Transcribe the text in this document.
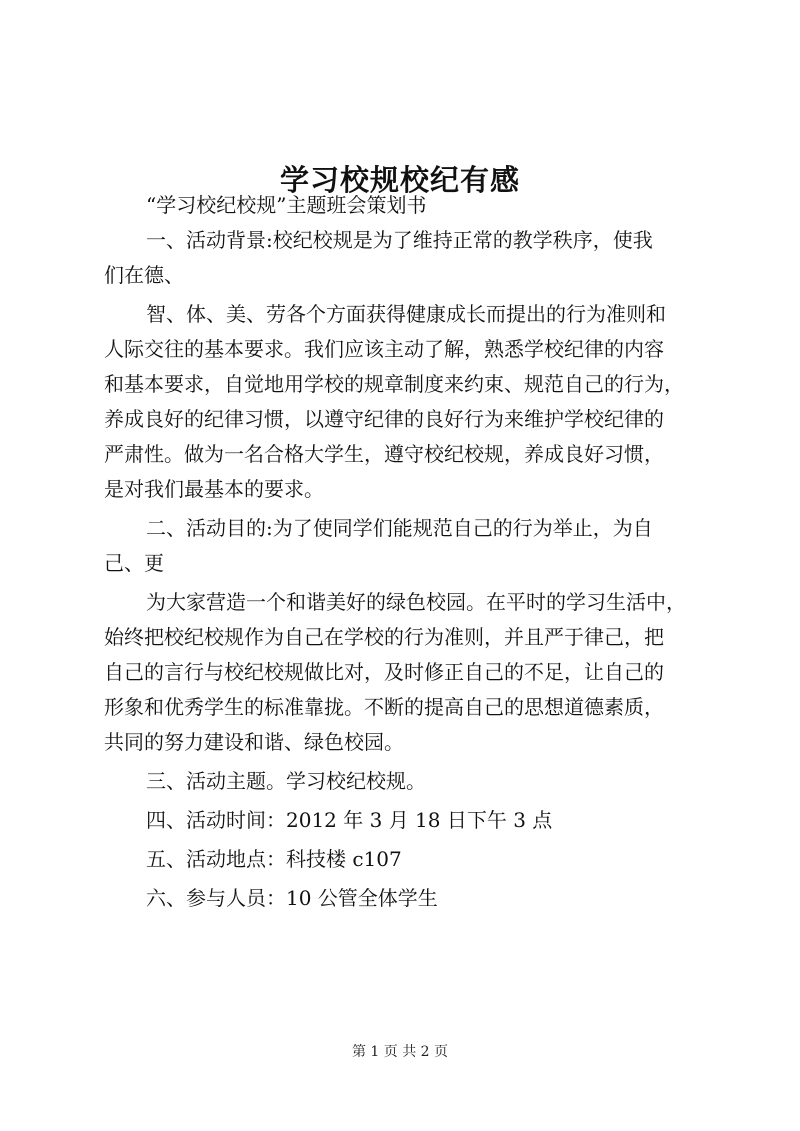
学习校规校纪有感
“学习校纪校规”主题班会策划书
一、活动背景:校纪校规是为了维持正常的教学秩序，使我
们在德、
智、体、美、劳各个方面获得健康成长而提出的行为准则和
人际交往的基本要求。我们应该主动了解，熟悉学校纪律的内容
和基本要求，自觉地用学校的规章制度来约束、规范自己的行为，
养成良好的纪律习惯，以遵守纪律的良好行为来维护学校纪律的
严肃性。做为一名合格大学生，遵守校纪校规，养成良好习惯，
是对我们最基本的要求。
二、活动目的:为了使同学们能规范自己的行为举止，为自
己、更
为大家营造一个和谐美好的绿色校园。在平时的学习生活中，
始终把校纪校规作为自己在学校的行为准则，并且严于律己，把
自己的言行与校纪校规做比对，及时修正自己的不足，让自己的
形象和优秀学生的标准靠拢。不断的提高自己的思想道德素质，
共同的努力建设和谐、绿色校园。
三、活动主题。学习校纪校规。
四、活动时间：2012 年 3 月 18 日下午 3 点
五、活动地点：科技楼 c107
六、参与人员：10 公管全体学生
第 1 页 共 2 页
